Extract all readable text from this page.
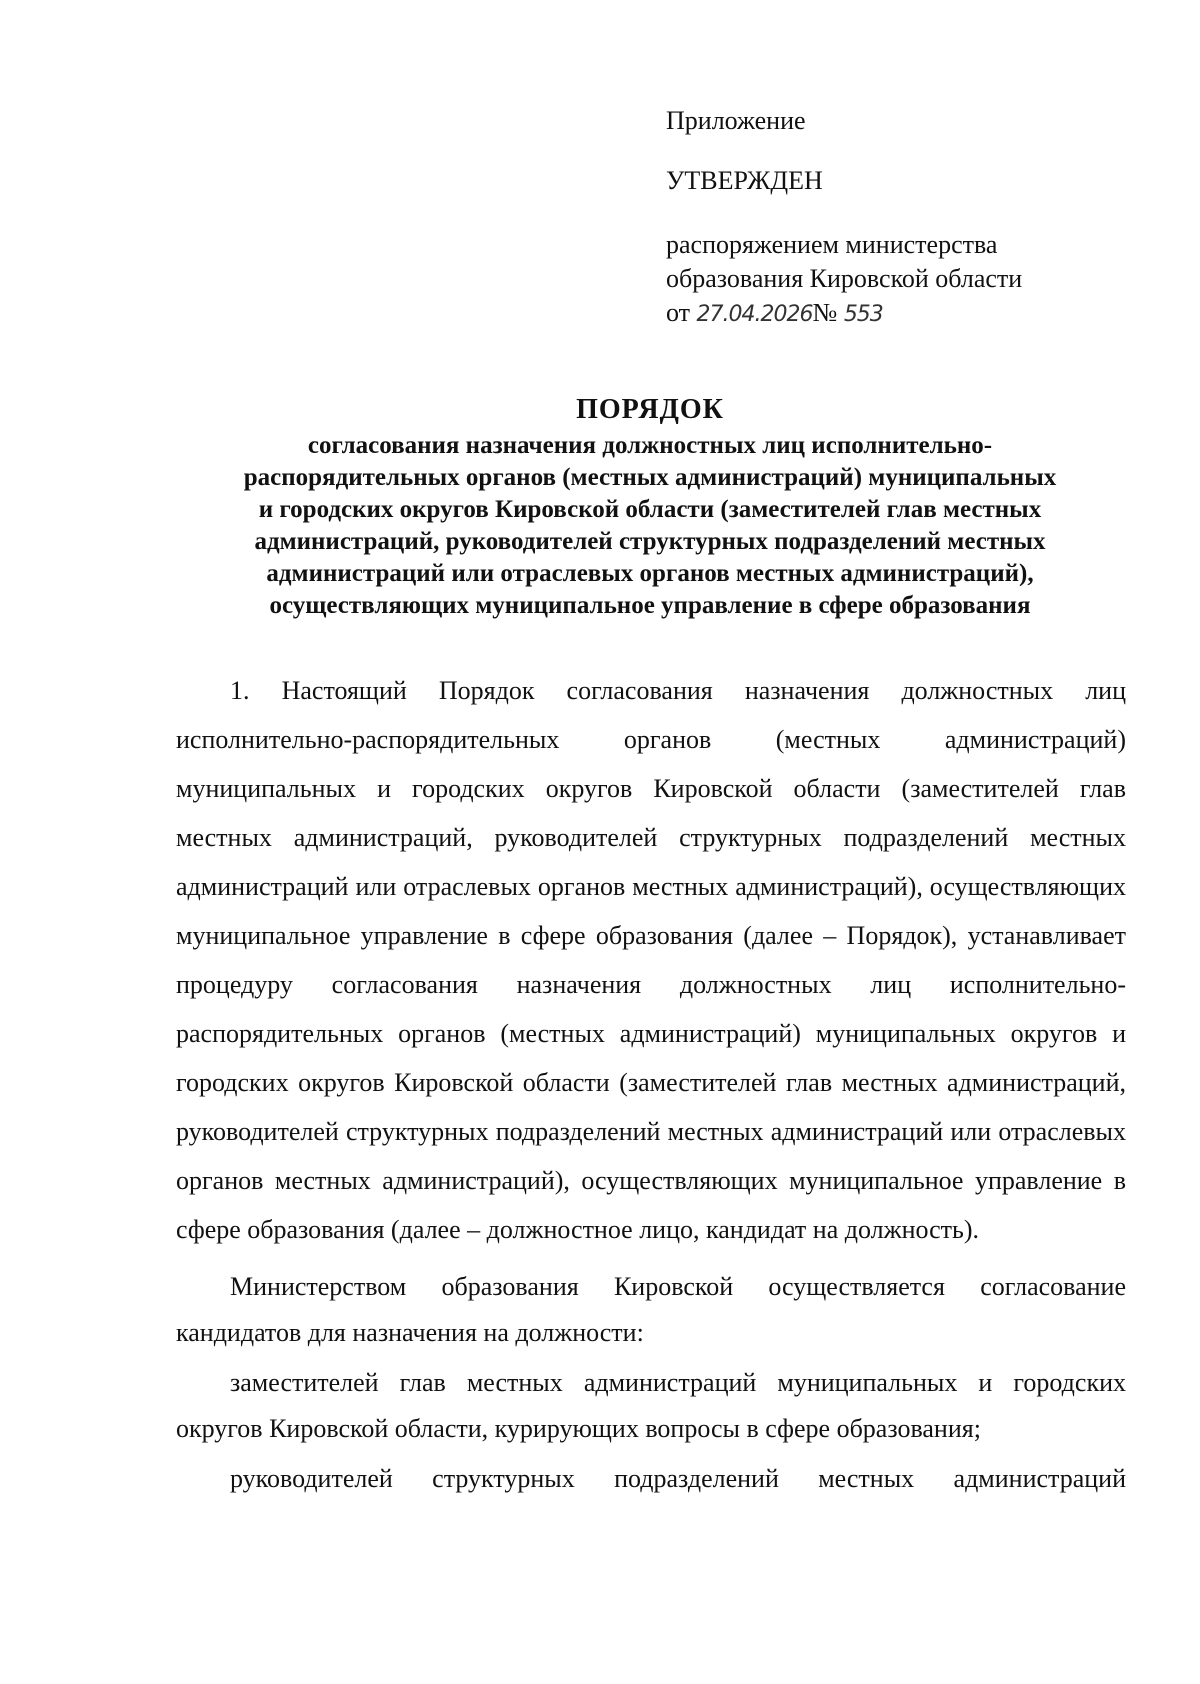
Приложение
УТВЕРЖДЕН
распоряжением министерства
образования Кировской области
от 27.04.2026№ 553
ПОРЯДОК
согласования назначения должностных лиц исполнительно-
распорядительных органов (местных администраций) муниципальных
и городских округов Кировской области (заместителей глав местных
администраций, руководителей структурных подразделений местных
администраций или отраслевых органов местных администраций),
осуществляющих муниципальное управление в сфере образования

1. Настоящий Порядок согласования назначения должностных лиц исполнительно-распорядительных органов (местных администраций) муниципальных и городских округов Кировской области (заместителей глав местных администраций, руководителей структурных подразделений местных администраций или отраслевых органов местных администраций), осуществляющих муниципальное управление в сфере образования (далее – Порядок), устанавливает процедуру согласования назначения должностных лиц исполнительно-распорядительных органов (местных администраций) муниципальных округов и городских округов Кировской области (заместителей глав местных администраций, руководителей структурных подразделений местных администраций или отраслевых органов местных администраций), осуществляющих муниципальное управление в сфере образования (далее – должностное лицо, кандидат на должность).

Министерством образования Кировской осуществляется согласование кандидатов для назначения на должности:

заместителей глав местных администраций муниципальных и городских округов Кировской области, курирующих вопросы в сфере образования;

руководителей структурных подразделений местных администраций
